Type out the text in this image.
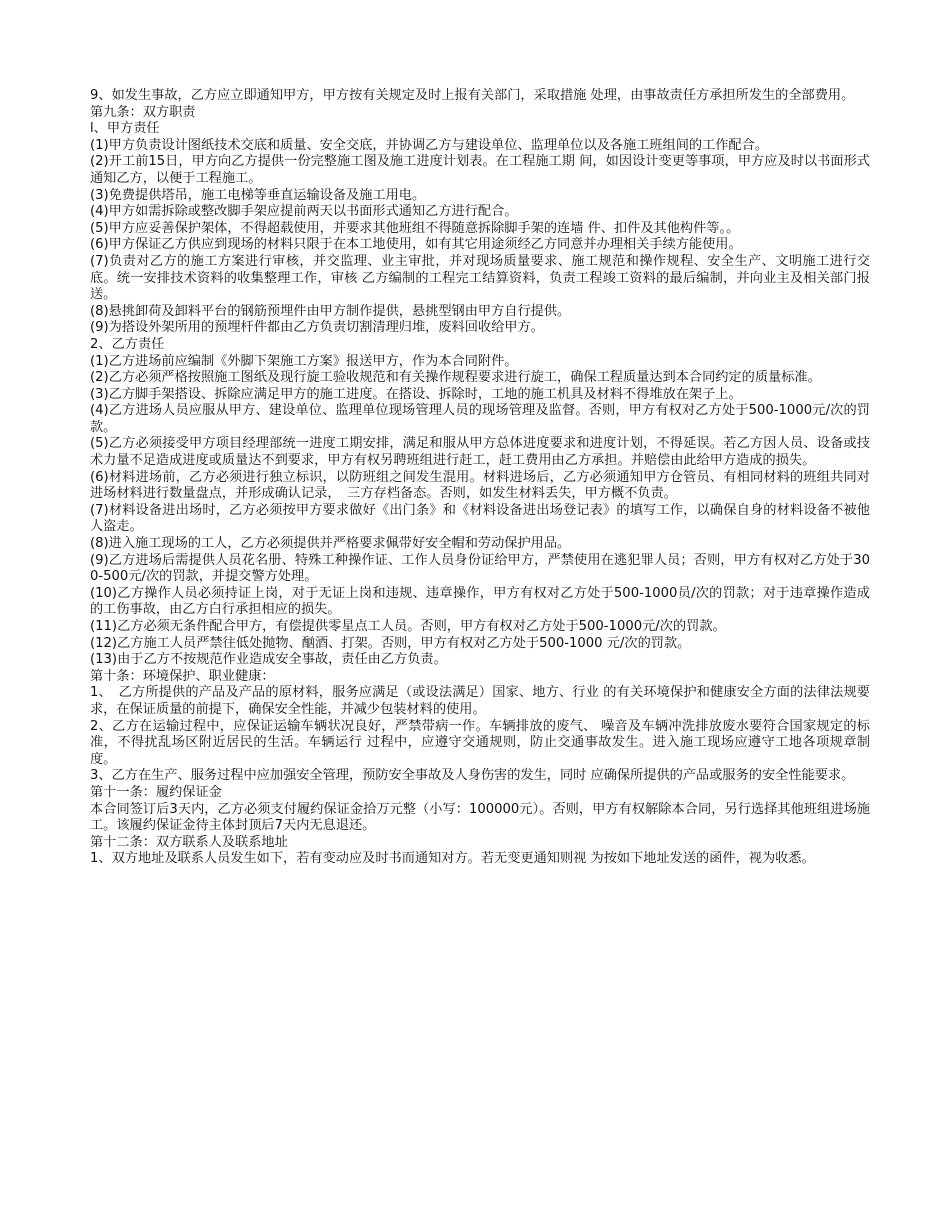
9、如发生事故，乙方应立即通知甲方，甲方按有关规定及时上报有关部门，采取措施 处理，由事故责任方承担所发生的全部费用。

第九条：双方职责

l、甲方责任

(1)甲方负责设计图纸技术交底和质量、安全交底，并协调乙方与建设单位、监理单位以及各施工班组间的工作配合。

(2)开工前15日，甲方向乙方提供一份完整施工图及施工进度计划表。在工程施工期 间，如因设计变更等事项，甲方应及时以书面形式通知乙方，以便于工程施工。

(3)免费提供塔吊，施工电梯等垂直运输设备及施工用电。

(4)甲方如需拆除或整改脚手架应提前两天以书面形式通知乙方进行配合。

(5)甲方应妥善保护架体，不得超载使用，并要求其他班组不得随意拆除脚手架的连墙 件、扣件及其他构件等。。

(6)甲方保证乙方供应到现场的材料只限于在本工地使用，如有其它用途须经乙方同意并办理相关手续方能使用。

(7)负责对乙方的施工方案进行审核，并交监理、业主审批，并对现场质量要求、施工规范和操作规程、安全生产、文明施工进行交底。统一安排技术资料的收集整理工作，审核 乙方编制的工程完工结算资料，负责工程竣工资料的最后编制，并向业主及相关部门报送。

(8)悬挑卸荷及卸料平台的钢筋预埋件由甲方制作提供，悬挑型钢由甲方自行提供。

(9)为搭设外架所用的预埋杆件都由乙方负责切割清理归堆，废料回收给甲方。

2、乙方责任

(1)乙方进场前应编制《外脚下架施工方案》报送甲方，作为本合同附件。

(2)乙方必须严格按照施工图纸及现行旋工验收规范和有关操作规程要求进行旋工，确保工程质量达到本合同约定的质量标准。

(3)乙方脚手架搭设、拆除应满足甲方的施工进度。在搭设、拆除时，工地的施工机具及材料不得堆放在架子上。

(4)乙方进场人员应服从甲方、建设单位、监理单位现场管理人员的现场管理及监督。否则，甲方有权对乙方处于500-1000元/次的罚款。

(5)乙方必须接受甲方项目经理部统一进度工期安排，满足和服从甲方总体进度要求和进度计划，不得延误。若乙方因人员、设备或技术力量不足造成进度或质量达不到要求，甲方有权另聘班组进行赶工，赶工费用由乙方承担。并赔偿由此给甲方造成的损失。

(6)材料进场前，乙方必须进行独立标识，以防班组之间发生混用。材料进场后，乙方必须通知甲方仓管员、有相同材料的班组共同对进场材料进行数量盘点，并形成确认记录，　三方存档备态。否则，如发生材料丢失，甲方概不负责。

(7)材料设备进出场时，乙方必须按甲方要求做好《出门条》和《材料设备进出场登记表》的填写工作，以确保自身的材料设备不被他人盗走。

(8)进入施工现场的工人，乙方必须提供并严格要求佩带好安全帽和劳动保护用品。

(9)乙方进场后需提供人员花名册、特殊工种操作证、工作人员身份证给甲方，严禁使用在逃犯罪人员；否则，甲方有权对乙方处于300-500元/次的罚款，并提交警方处理。

(10)乙方操作人员必须持证上岗，对于无证上岗和违规、违章操作，甲方有权对乙方处于500-1000员/次的罚款；对于违章操作造成的工伤事故，由乙方白行承担相应的损失。

(11)乙方必须无条件配合甲方，有偿提供零星点工人员。否则，甲方有权对乙方处于500-1000元/次的罚款。

(12)乙方施工人员严禁往低处抛物、酗酒、打架。否则，甲方有权对乙方处于500-1000 元/次的罚款。

(13)由于乙方不按规范作业造成安全事故，责任由乙方负责。

第十条：环境保护、职业健康：

1、　乙方所提供的产品及产品的原材料，服务应满足（或设法满足）国家、地方、行业 的有关环境保护和健康安全方面的法律法规要求，在保证质量的前提下，确保安全性能，并减少包装材料的使用。

2、乙方在运输过程中，应保证运输车辆状况良好，严禁带病一作。车辆排放的废气、 噪音及车辆冲洗排放废水要符合国家规定的标准，不得扰乱场区附近居民的生活。车辆运行 过程中，应遵守交通规则，防止交通事故发生。进入施工现场应遵守工地各项规章制度。

3、乙方在生产、服务过程中应加强安全管理，预防安全事故及人身伤害的发生，同时 应确保所提供的产品或服务的安全性能要求。

第十一条：履约保证金

本合同签订后3天内，乙方必须支付履约保证金拾万元整（小写：100000元）。否则，甲方有权解除本合同，另行选择其他班组进场施工。该履约保证金待主体封顶后7天内无息退还。

第十二条：双方联系人及联系地址

1、双方地址及联系人员发生如下，若有变动应及时书而通知对方。若无变更通知则视 为按如下地址发送的函件，视为收悉。
